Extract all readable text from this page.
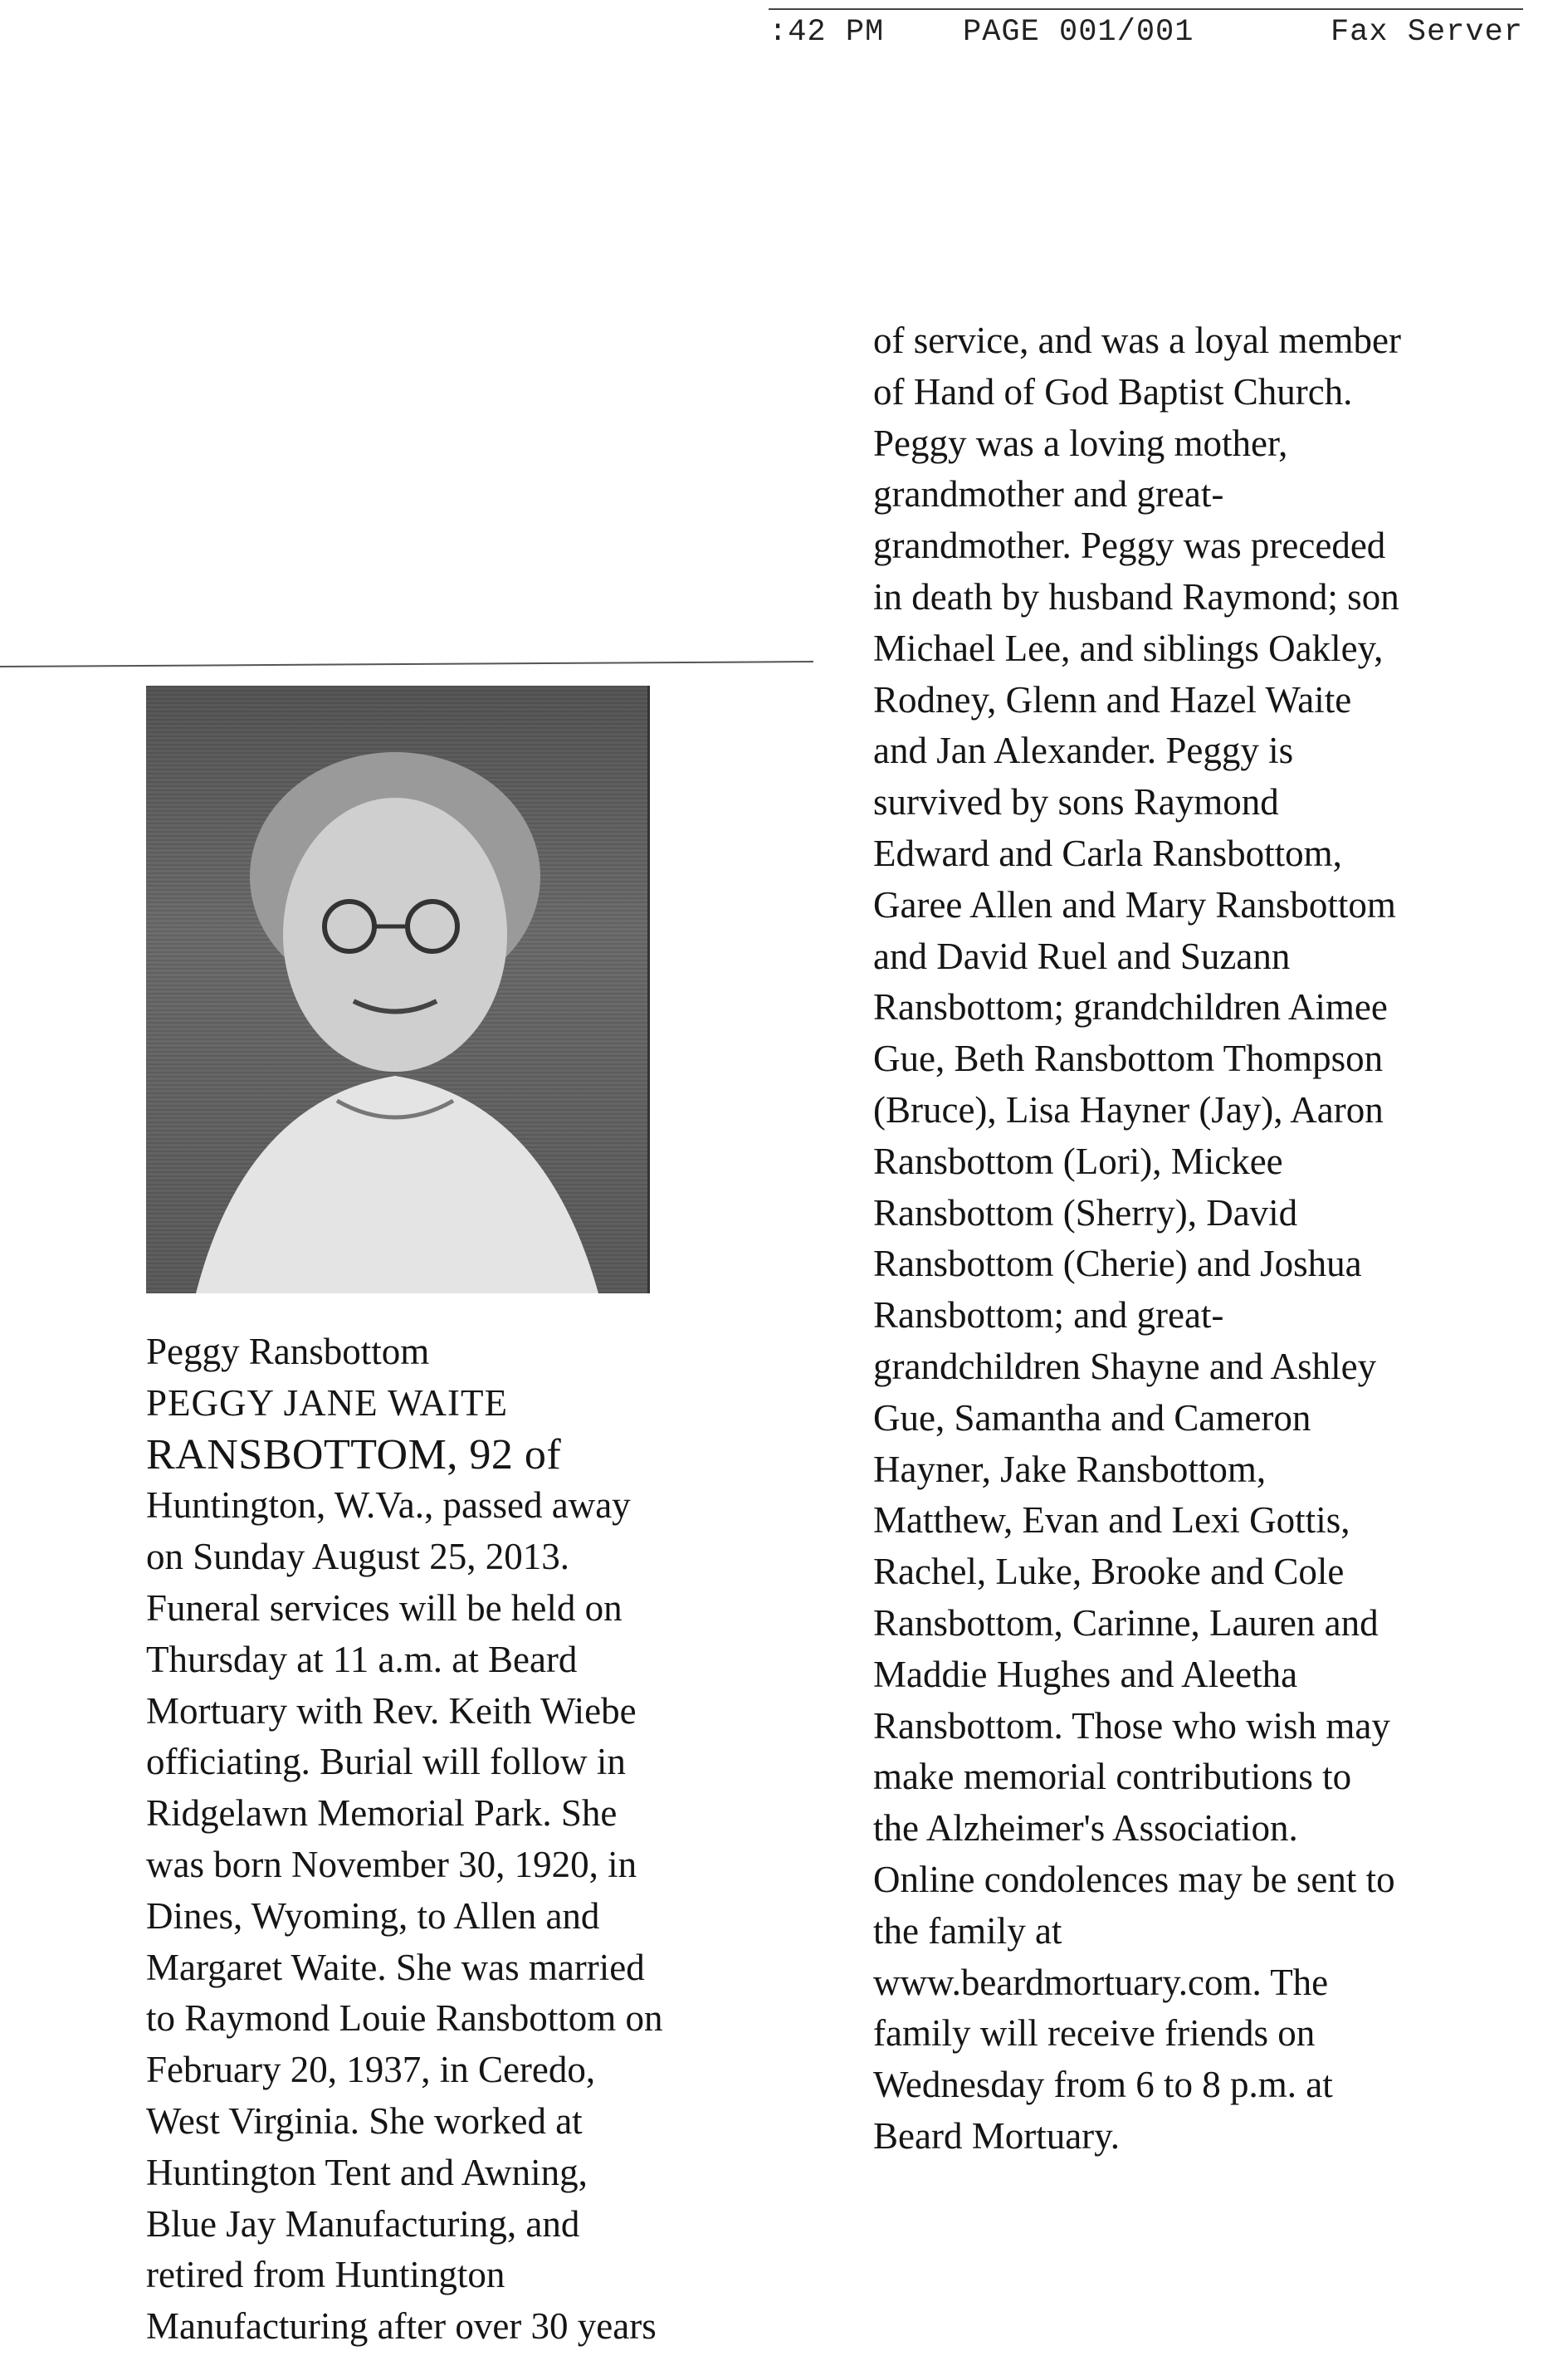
:42 PM	PAGE 001/001	Fax Server
Peggy Ransbottom
PEGGY JANE WAITE
RANSBOTTOM, 92 of
Huntington, W.Va., passed away
on Sunday August 25, 2013.
Funeral services will be held on
Thursday at 11 a.m. at Beard
Mortuary with Rev. Keith Wiebe
officiating. Burial will follow in
Ridgelawn Memorial Park. She
was born November 30, 1920, in
Dines, Wyoming, to Allen and
Margaret Waite. She was married
to Raymond Louie Ransbottom on
February 20, 1937, in Ceredo,
West Virginia. She worked at
Huntington Tent and Awning,
Blue Jay Manufacturing, and
retired from Huntington
Manufacturing after over 30 years
of service, and was a loyal member
of Hand of God Baptist Church.
Peggy was a loving mother,
grandmother and great-
grandmother. Peggy was preceded
in death by husband Raymond; son
Michael Lee, and siblings Oakley,
Rodney, Glenn and Hazel Waite
and Jan Alexander. Peggy is
survived by sons Raymond
Edward and Carla Ransbottom,
Garee Allen and Mary Ransbottom
and David Ruel and Suzann
Ransbottom; grandchildren Aimee
Gue, Beth Ransbottom Thompson
(Bruce), Lisa Hayner (Jay), Aaron
Ransbottom (Lori), Mickee
Ransbottom (Sherry), David
Ransbottom (Cherie) and Joshua
Ransbottom; and great-
grandchildren Shayne and Ashley
Gue, Samantha and Cameron
Hayner, Jake Ransbottom,
Matthew, Evan and Lexi Gottis,
Rachel, Luke, Brooke and Cole
Ransbottom, Carinne, Lauren and
Maddie Hughes and Aleetha
Ransbottom. Those who wish may
make memorial contributions to
the Alzheimer's Association.
Online condolences may be sent to
the family at
www.beardmortuary.com. The
family will receive friends on
Wednesday from 6 to 8 p.m. at
Beard Mortuary.
